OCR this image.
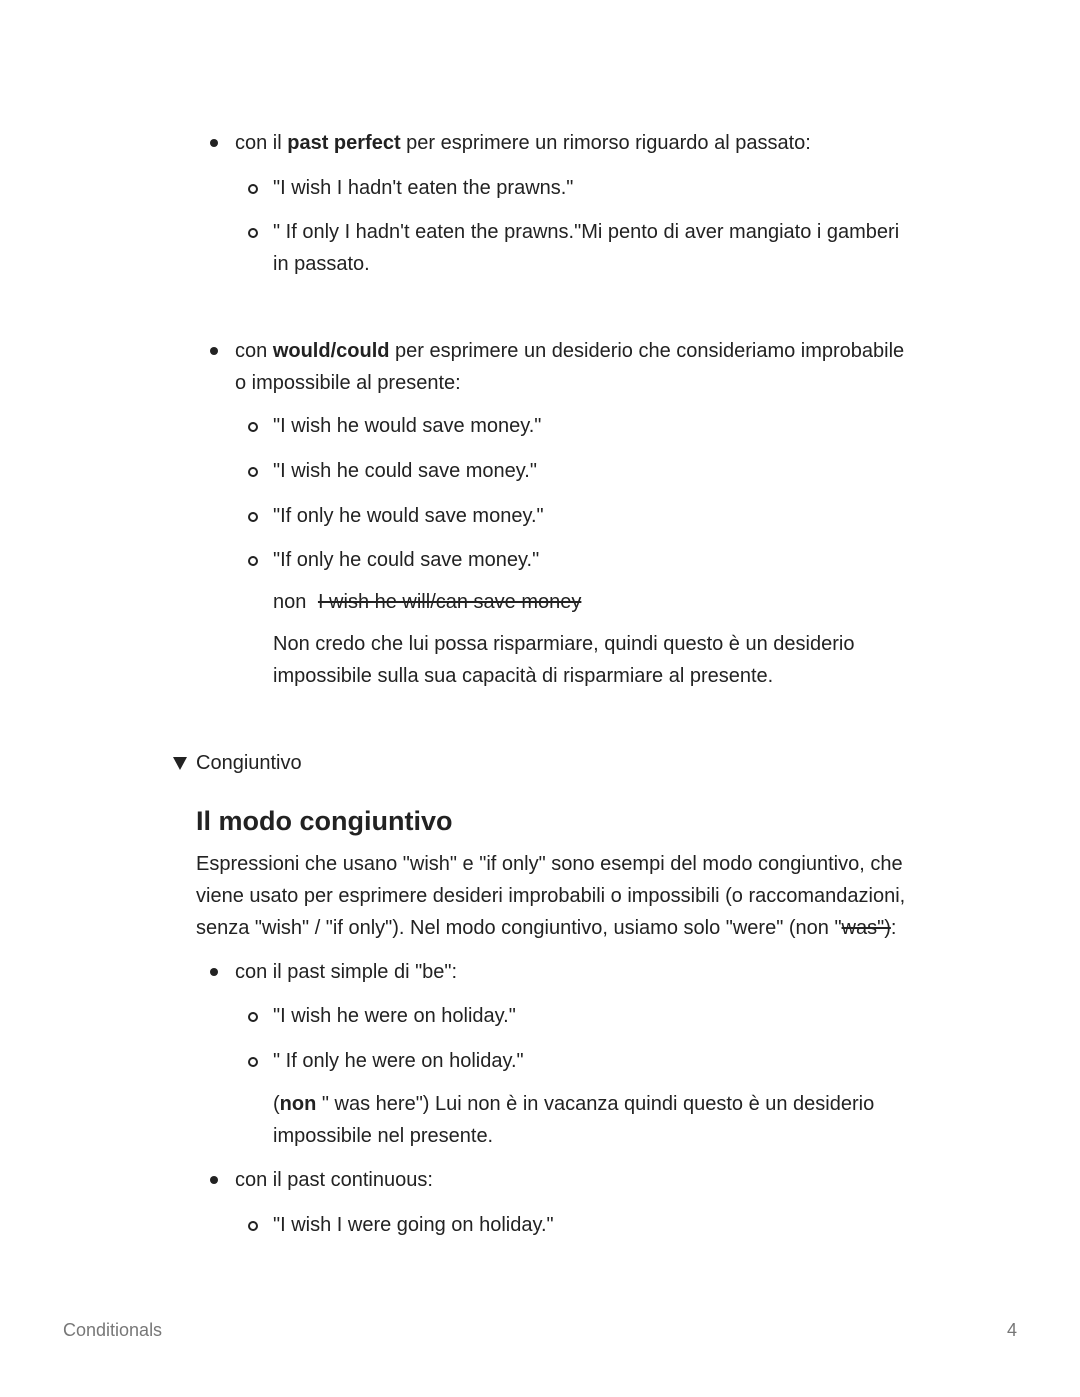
con il past perfect per esprimere un rimorso riguardo al passato:
"I wish I hadn't eaten the prawns."
" If only I hadn't eaten the prawns."Mi pento di aver mangiato i gamberi
in passato.
con would/could per esprimere un desiderio che consideriamo improbabile
o impossibile al presente:
"I wish he would save money."
"I wish he could save money."
"If only he would save money."
"If only he could save money."
non I wish he will/can save money
Non credo che lui possa risparmiare, quindi questo è un desiderio
impossibile sulla sua capacità di risparmiare al presente.
Congiuntivo
Il modo congiuntivo
Espressioni che usano "wish" e "if only" sono esempi del modo congiuntivo, che
viene usato per esprimere desideri improbabili o impossibili (o raccomandazioni,
senza "wish" / "if only"). Nel modo congiuntivo, usiamo solo "were" (non "was"):
con il past simple di "be":
"I wish he were on holiday."
" If only he were on holiday."
(non " was here") Lui non è in vacanza quindi questo è un desiderio
impossibile nel presente.
con il past continuous:
"I wish I were going on holiday."
Conditionals	4
